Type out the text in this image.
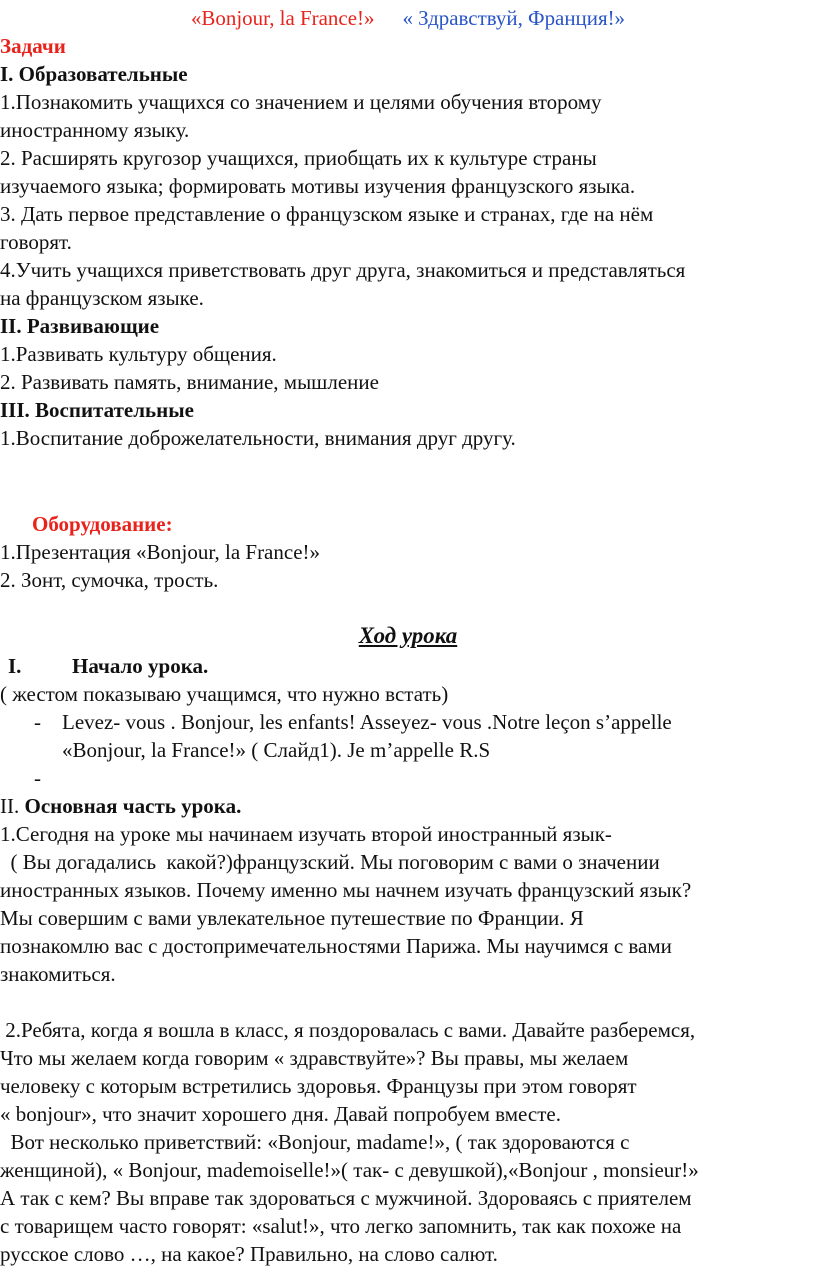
«Bonjour, la France!» « Здравствуй, Франция!»
Задачи
I. Образовательные
1.Познакомить учащихся со значением и целями обучения второму
иностранному языку.
2. Расширять кругозор учащихся, приобщать их к культуре страны
изучаемого языка; формировать мотивы изучения французского языка.
3. Дать первое представление о французском языке и странах, где на нём
говорят.
4.Учить учащихся приветствовать друг друга, знакомиться и представляться
на французском языке.
II. Развивающие
1.Развивать культуру общения.
2. Развивать память, внимание, мышление
III. Воспитательные
1.Воспитание доброжелательности, внимания друг другу.
Оборудование:
1.Презентация «Bonjour, la France!»
2. Зонт, сумочка, трость.
Ход урока
I. Начало урока.
( жестом показываю учащимся, что нужно встать)
- Levez- vous . Bonjour, les enfants! Asseyez- vous .Notre leçon s’appelle
«Bonjour, la France!» ( Слайд1). Je m’appelle R.S
-
II. Основная часть урока.
1.Сегодня на уроке мы начинаем изучать второй иностранный язык-
( Вы догадались  какой?)французский. Мы поговорим с вами о значении
иностранных языков. Почему именно мы начнем изучать французский язык?
Мы совершим с вами увлекательное путешествие по Франции. Я
познакомлю вас с достопримечательностями Парижа. Мы научимся с вами
знакомиться.
2.Ребята, когда я вошла в класс, я поздоровалась с вами. Давайте разберемся,
Что мы желаем когда говорим « здравствуйте»? Вы правы, мы желаем
человеку с которым встретились здоровья. Французы при этом говорят
« bonjour», что значит хорошего дня. Давай попробуем вместе.
Вот несколько приветствий: «Bonjour, madame!», ( так здороваются с
женщиной), « Bonjour, mademoiselle!»( так- с девушкой),«Bonjour , monsieur!»
А так с кем? Вы вправе так здороваться с мужчиной. Здороваясь с приятелем
с товарищем часто говорят: «salut!», что легко запомнить, так как похоже на
русское слово …, на какое? Правильно, на слово салют.
